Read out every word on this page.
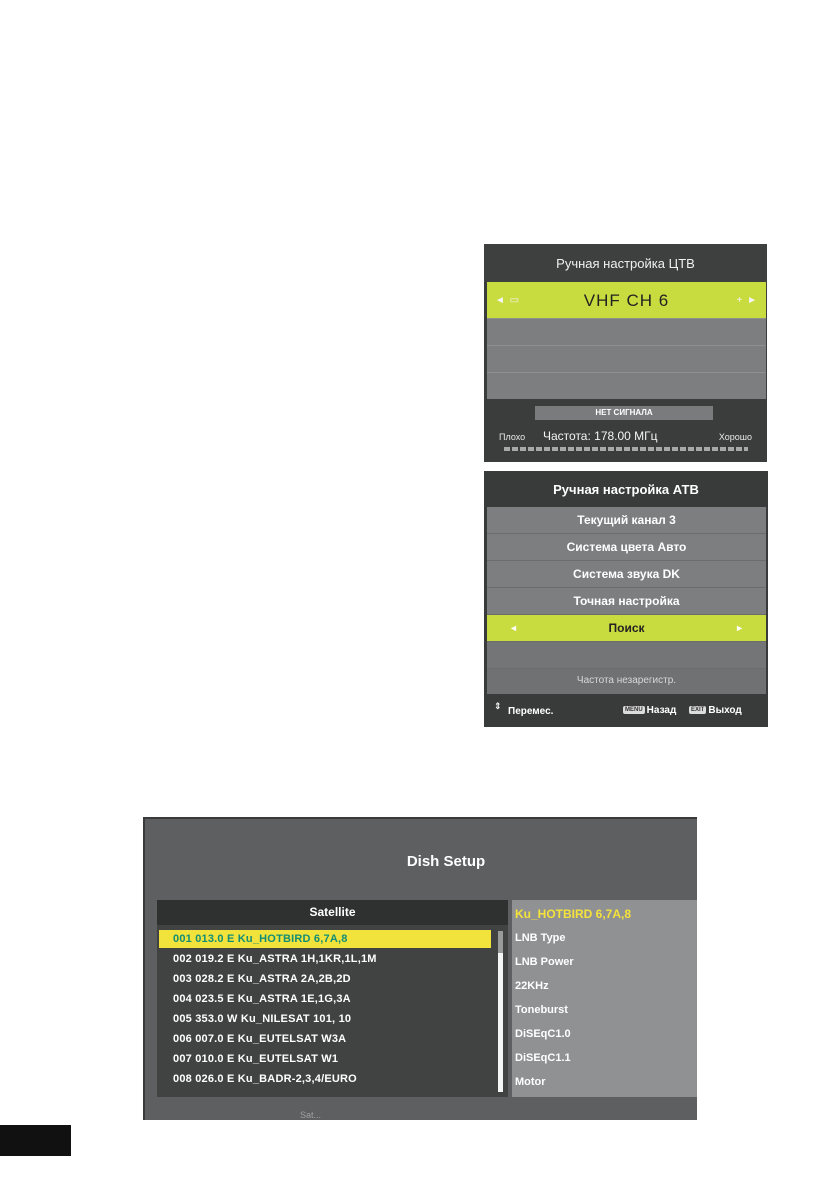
Ручная настройка ЦТВ
◄ ▭	VHF CH 6	+ ►
НЕТ СИГНАЛА
Плохо Частота: 178.00 МГц	Хорошо
Ручная настройка АТВ
Текущий канал 3
Система цвета Авто
Система звука DK
Точная настройка
◄	Поиск	►
Частота незарегистр.
⇕ Перемес.	MENU Назад	EXIT Выход
Dish Setup
Satellite
001 013.0 E Ku_HOTBIRD 6,7A,8
002 019.2 E Ku_ASTRA 1H,1KR,1L,1M
003 028.2 E Ku_ASTRA 2A,2B,2D
004 023.5 E Ku_ASTRA 1E,1G,3A
005 353.0 W Ku_NILESAT 101, 10
006 007.0 E Ku_EUTELSAT W3A
007 010.0 E Ku_EUTELSAT W1
008 026.0 E Ku_BADR-2,3,4/EURO
Ku_HOTBIRD 6,7A,8
LNB Type
LNB Power
22KHz
Toneburst
DiSEqC1.0
DiSEqC1.1
Motor
Sat...
